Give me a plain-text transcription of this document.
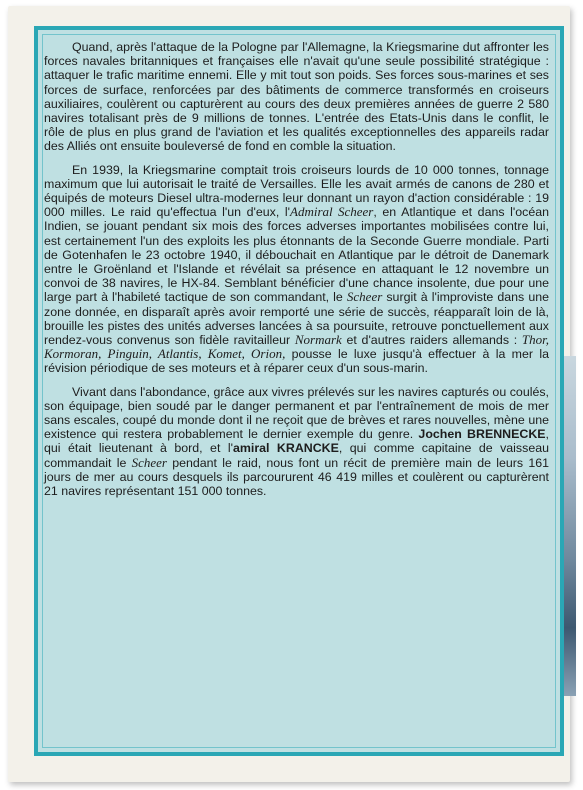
Quand, après l'attaque de la Pologne par l'Allemagne, la Kriegsmarine dut affronter les forces navales britanniques et françaises elle n'avait qu'une seule possibilité stratégique : attaquer le trafic maritime ennemi. Elle y mit tout son poids. Ses forces sous-marines et ses forces de surface, renforcées par des bâtiments de commerce transformés en croiseurs auxiliaires, coulèrent ou capturèrent au cours des deux premières années de guerre 2 580 navires totalisant près de 9 millions de tonnes. L'entrée des Etats-Unis dans le conflit, le rôle de plus en plus grand de l'aviation et les qualités exceptionnelles des appareils radar des Alliés ont ensuite bouleversé de fond en comble la situation.

En 1939, la Kriegsmarine comptait trois croiseurs lourds de 10 000 tonnes, tonnage maximum que lui autorisait le traité de Versailles. Elle les avait armés de canons de 280 et équipés de moteurs Diesel ultra-modernes leur donnant un rayon d'action considérable : 19 000 milles. Le raid qu'effectua l'un d'eux, l'Admiral Scheer, en Atlantique et dans l'océan Indien, se jouant pendant six mois des forces adverses importantes mobilisées contre lui, est certainement l'un des exploits les plus étonnants de la Seconde Guerre mondiale. Parti de Gotenhafen le 23 octobre 1940, il débouchait en Atlantique par le détroit de Danemark entre le Groënland et l'Islande et révélait sa présence en attaquant le 12 novembre un convoi de 38 navires, le HX-84. Semblant bénéficier d'une chance insolente, due pour une large part à l'habileté tactique de son commandant, le Scheer surgit à l'improviste dans une zone donnée, en disparaît après avoir remporté une série de succès, réapparaît loin de là, brouille les pistes des unités adverses lancées à sa poursuite, retrouve ponctuellement aux rendez-vous convenus son fidèle ravitailleur Normark et d'autres raiders allemands : Thor, Kormoran, Pinguin, Atlantis, Komet, Orion, pousse le luxe jusqu'à effectuer à la mer la révision périodique de ses moteurs et à réparer ceux d'un sous-marin.

Vivant dans l'abondance, grâce aux vivres prélevés sur les navires capturés ou coulés, son équipage, bien soudé par le danger permanent et par l'entraînement de mois de mer sans escales, coupé du monde dont il ne reçoit que de brèves et rares nouvelles, mène une existence qui restera probablement le dernier exemple du genre. Jochen BRENNECKE, qui était lieutenant à bord, et l'amiral KRANCKE, qui comme capitaine de vaisseau commandait le Scheer pendant le raid, nous font un récit de première main de leurs 161 jours de mer au cours desquels ils parcoururent 46 419 milles et coulèrent ou capturèrent 21 navires représentant 151 000 tonnes.
